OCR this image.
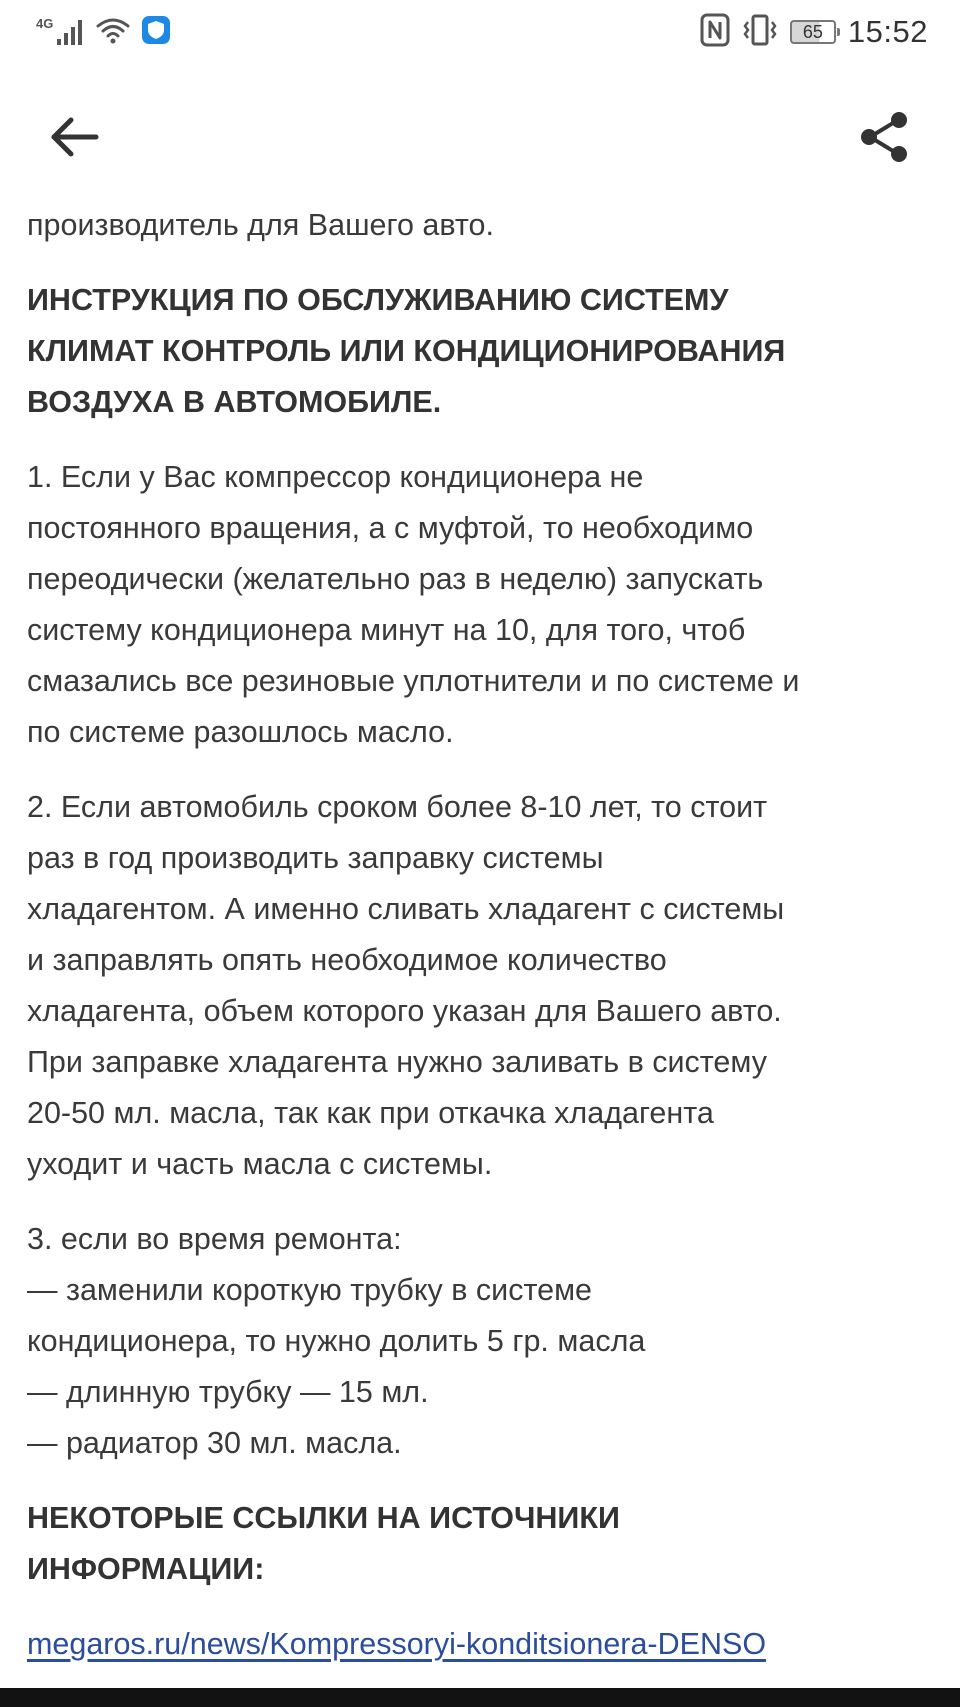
4G	65 15:52

производитель для Вашего авто.

ИНСТРУКЦИЯ ПО ОБСЛУЖИВАНИЮ СИСТЕМУ
КЛИМАТ КОНТРОЛЬ ИЛИ КОНДИЦИОНИРОВАНИЯ
ВОЗДУХА В АВТОМОБИЛЕ.

1. Если у Вас компрессор кондиционера не
постоянного вращения, а с муфтой, то необходимо
переодически (желательно раз в неделю) запускать
систему кондиционера минут на 10, для того, чтоб
смазались все резиновые уплотнители и по системе и
по системе разошлось масло.

2. Если автомобиль сроком более 8-10 лет, то стоит
раз в год производить заправку системы
хладагентом. А именно сливать хладагент с системы
и заправлять опять необходимое количество
хладагента, объем которого указан для Вашего авто.
При заправке хладагента нужно заливать в систему
20-50 мл. масла, так как при откачка хладагента
уходит и часть масла с системы.

3. если во время ремонта:
— заменили короткую трубку в системе
кондиционера, то нужно долить 5 гр. масла
— длинную трубку — 15 мл.
— радиатор 30 мл. масла.

НЕКОТОРЫЕ ССЫЛКИ НА ИСТОЧНИКИ
ИНФОРМАЦИИ:

megaros.ru/news/Kompressoryi-konditsionera-DENSO
